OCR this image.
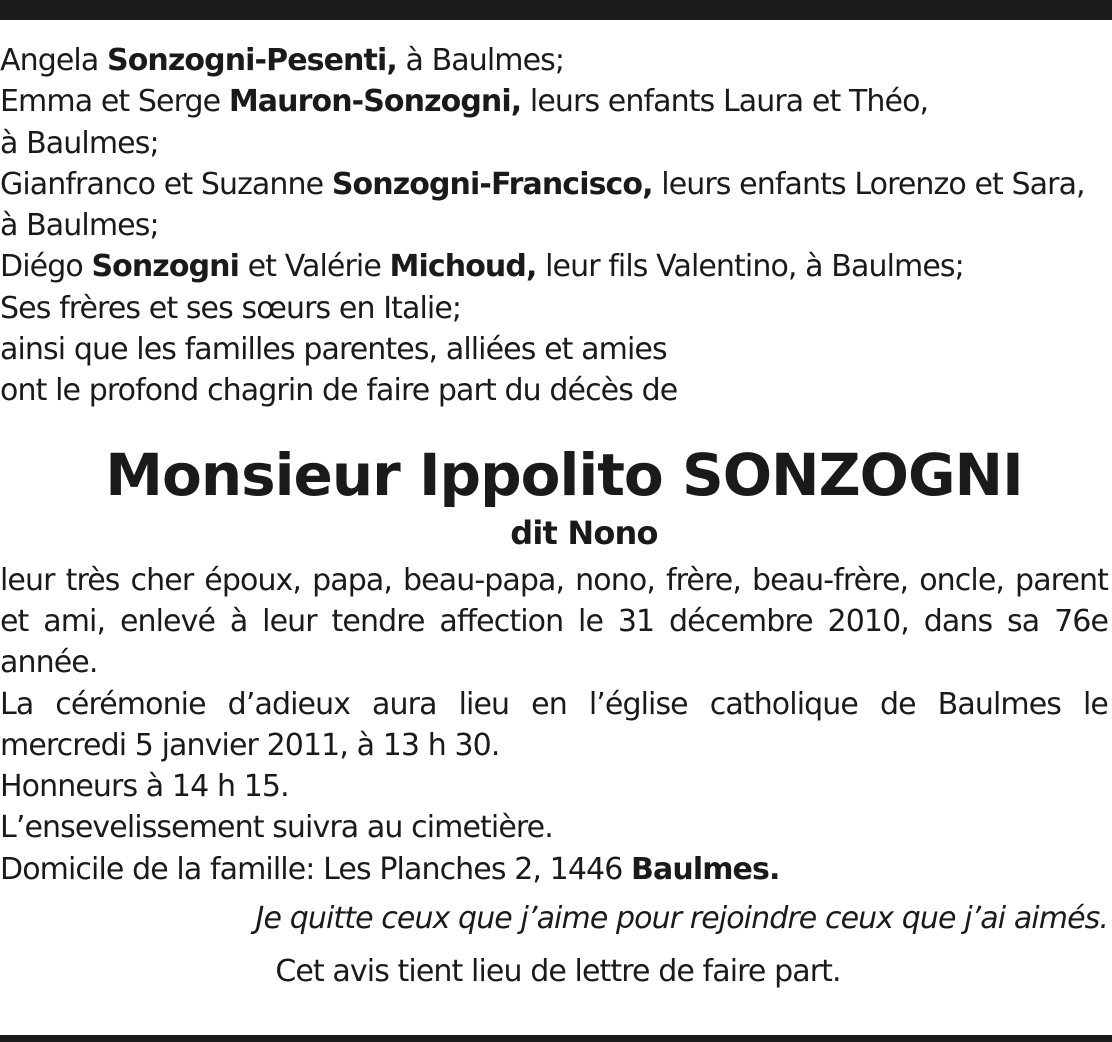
Angela Sonzogni-Pesenti, à Baulmes;
Emma et Serge Mauron-Sonzogni, leurs enfants Laura et Théo,
à Baulmes;
Gianfranco et Suzanne Sonzogni-Francisco, leurs enfants Lorenzo et Sara,
à Baulmes;
Diégo Sonzogni et Valérie Michoud, leur fils Valentino, à Baulmes;
Ses frères et ses sœurs en Italie;
ainsi que les familles parentes, alliées et amies
ont le profond chagrin de faire part du décès de
Monsieur Ippolito SONZOGNI
dit Nono
leur très cher époux, papa, beau-papa, nono, frère, beau-frère, oncle, parent et ami, enlevé à leur tendre affection le 31 décembre 2010, dans sa 76e année.
La cérémonie d’adieux aura lieu en l’église catholique de Baulmes le mercredi 5 janvier 2011, à 13 h 30.
Honneurs à 14 h 15.
L’ensevelissement suivra au cimetière.
Domicile de la famille: Les Planches 2, 1446 Baulmes.
Je quitte ceux que j’aime pour rejoindre ceux que j’ai aimés.
Cet avis tient lieu de lettre de faire part.
